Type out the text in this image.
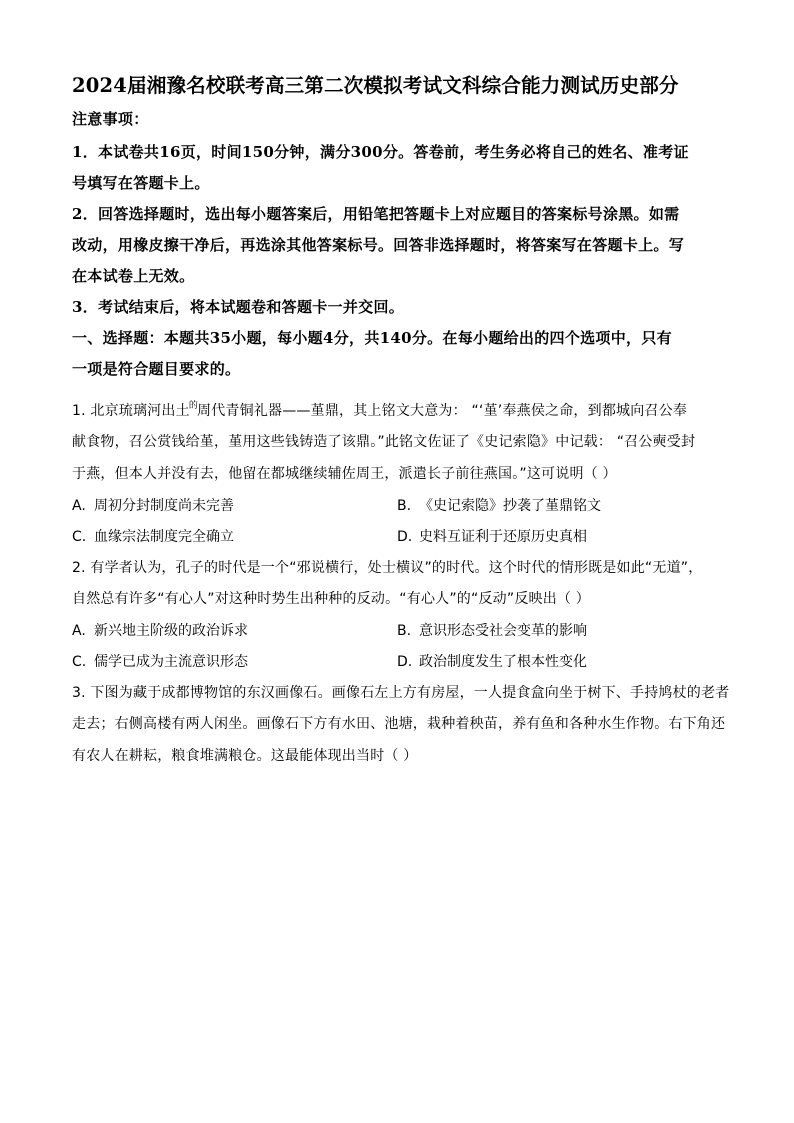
2024届湘豫名校联考高三第二次模拟考试文科综合能力测试历史部分
注意事项：
1．本试卷共16页，时间150分钟，满分300分。答卷前，考生务必将自己的姓名、准考证
号填写在答题卡上。
2．回答选择题时，选出每小题答案后，用铅笔把答题卡上对应题目的答案标号涂黑。如需
改动，用橡皮擦干净后，再选涂其他答案标号。回答非选择题时，将答案写在答题卡上。写
在本试卷上无效。
3．考试结束后，将本试题卷和答题卡一并交回。
一、选择题：本题共35小题，每小题4分，共140分。在每小题给出的四个选项中，只有
一项是符合题目要求的。
1. 北京琉璃河出土$^的$周代青铜礼器——堇鼎，其上铭文大意为： “‘堇’奉燕侯之命，到都城向召公奉
献食物，召公赏钱给堇，堇用这些钱铸造了该鼎。”此铭文佐证了《史记索隐》中记载： “召公奭受封
于燕，但本人并没有去，他留在都城继续辅佐周王，派遣长子前往燕国。”这可说明（ ）
A. 周初分封制度尚未完善	B. 《史记索隐》抄袭了堇鼎铭文
C. 血缘宗法制度完全确立	D. 史料互证利于还原历史真相
2. 有学者认为，孔子的时代是一个“邪说横行，处士横议”的时代。这个时代的情形既是如此“无道”，
自然总有许多“有心人”对这种时势生出种种的反动。“有心人”的“反动”反映出（ ）
A. 新兴地主阶级的政治诉求	B. 意识形态受社会变革的影响
C. 儒学已成为主流意识形态	D. 政治制度发生了根本性变化
3. 下图为藏于成都博物馆的东汉画像石。画像石左上方有房屋，一人提食盒向坐于树下、手持鸠杖的老者
走去；右侧高楼有两人闲坐。画像石下方有水田、池塘，栽种着秧苗，养有鱼和各种水生作物。右下角还
有农人在耕耘，粮食堆满粮仓。这最能体现出当时（ ）
